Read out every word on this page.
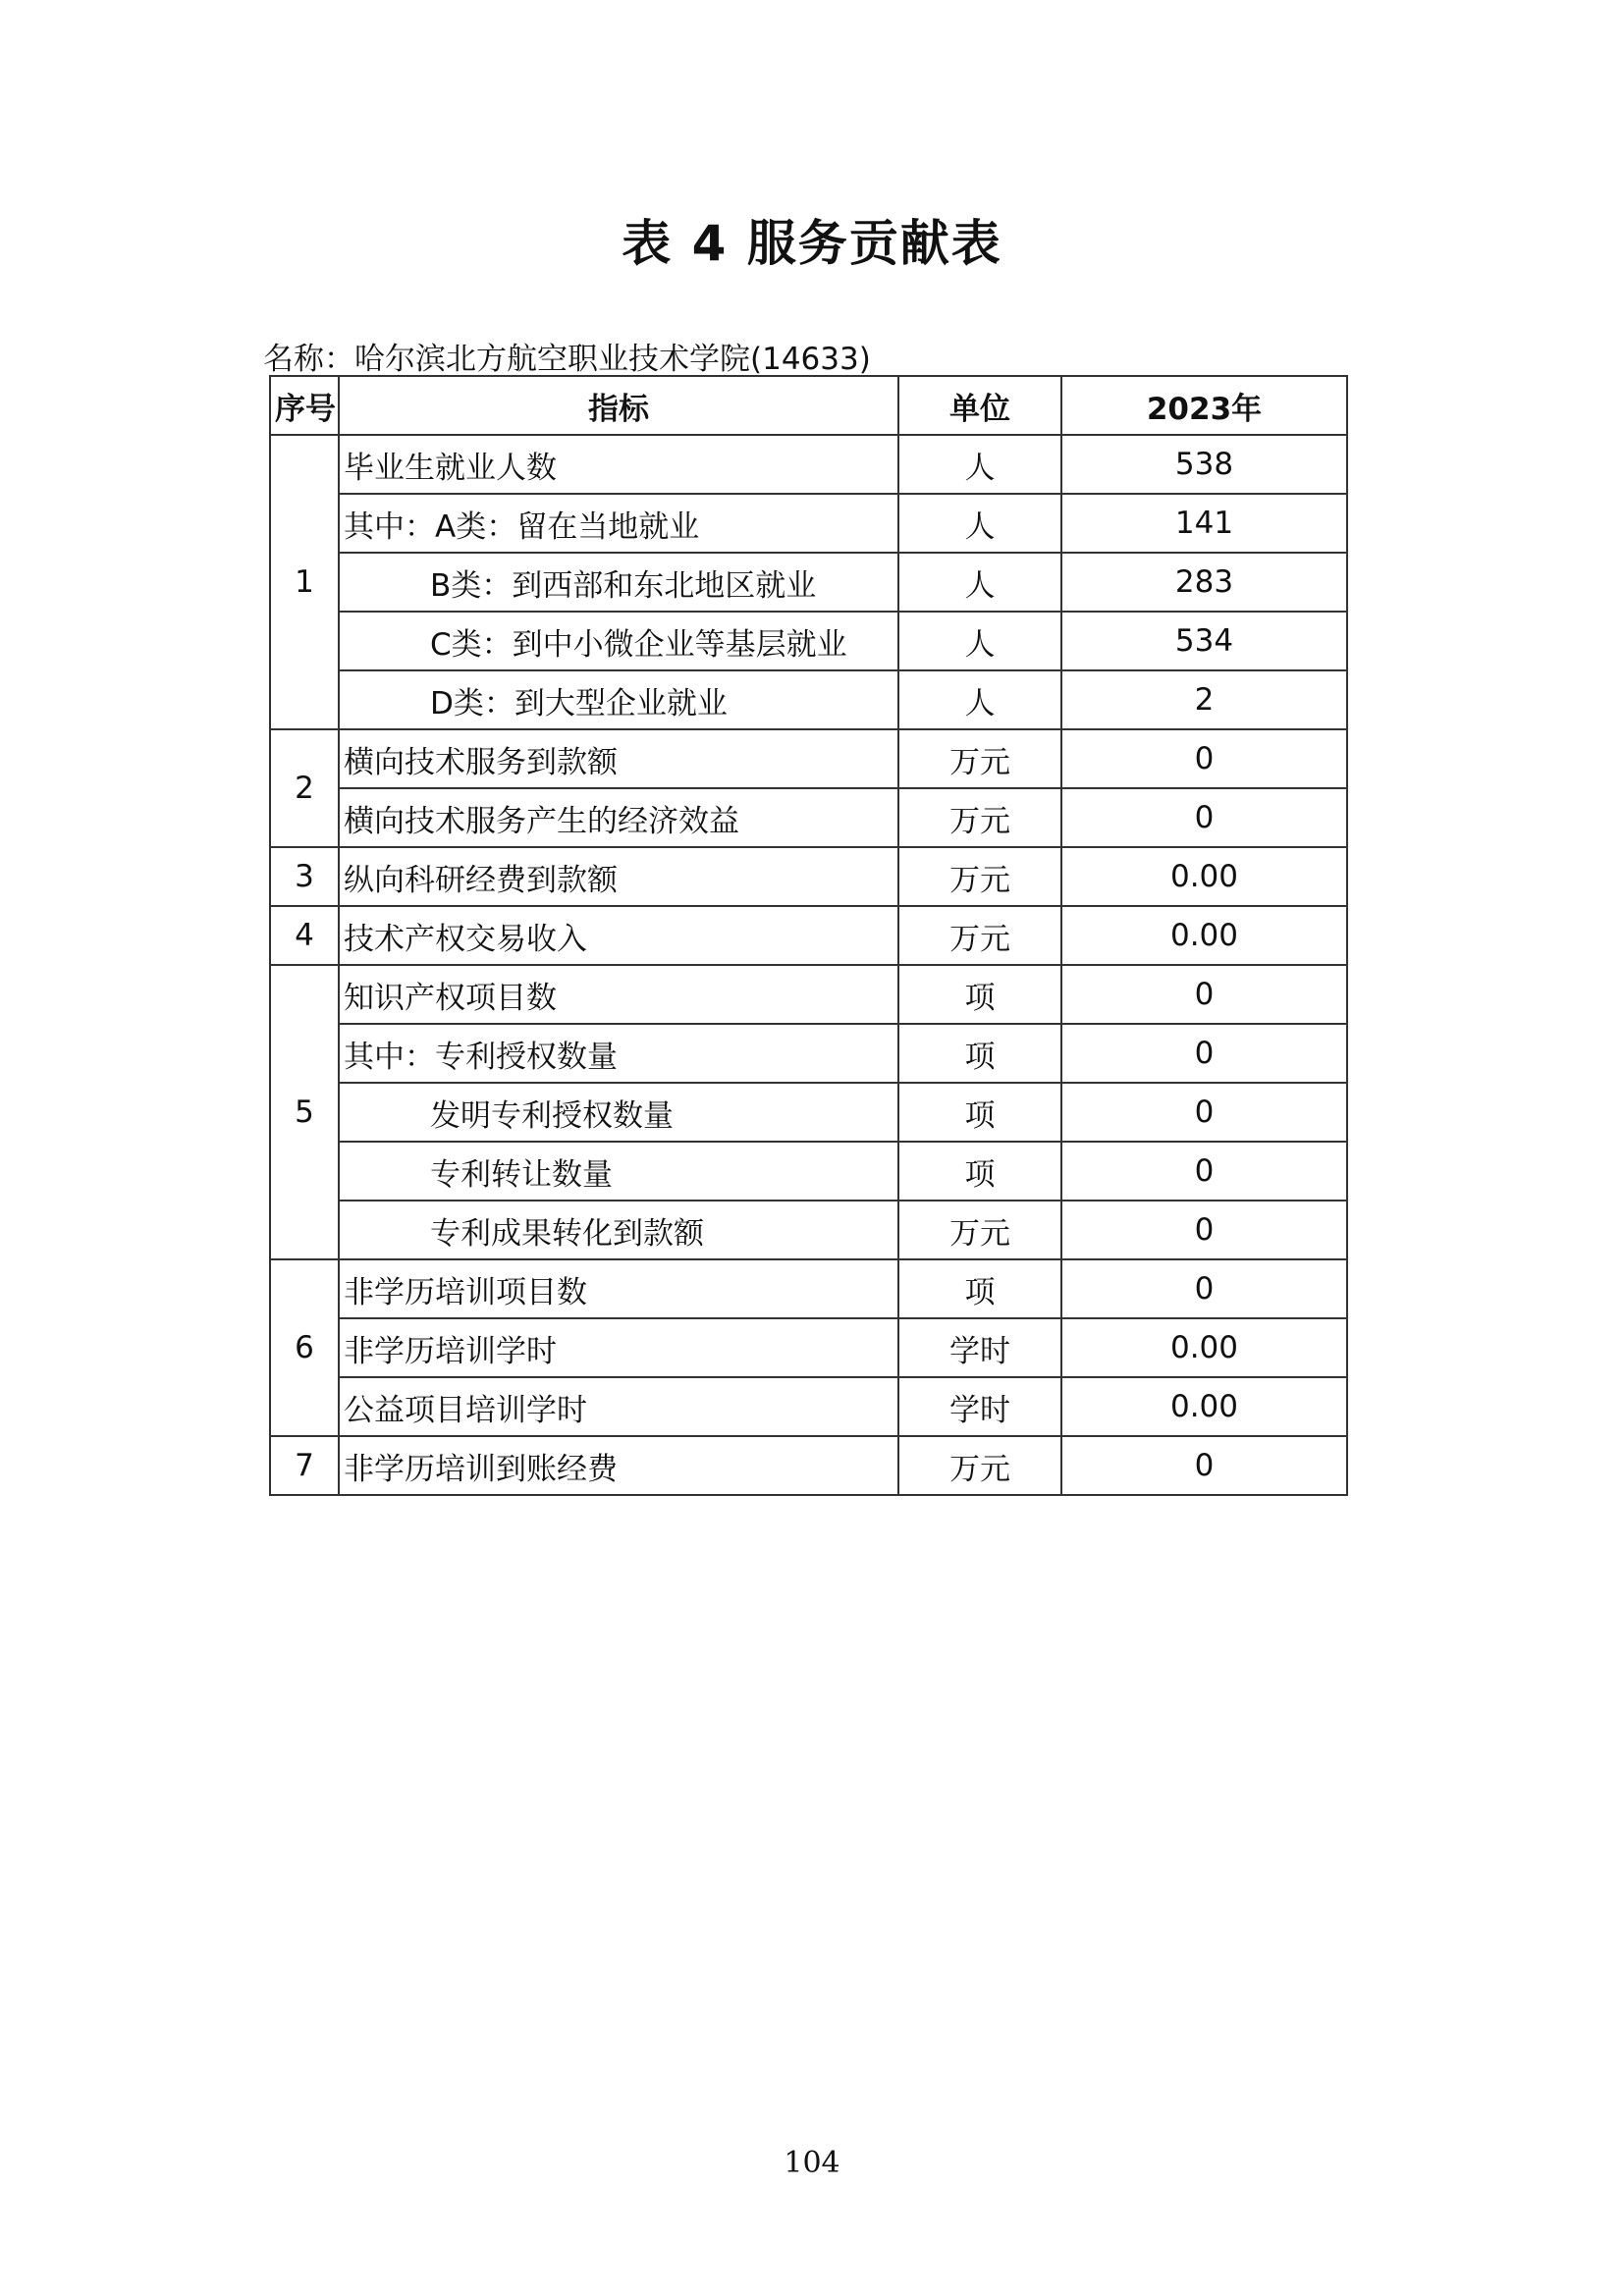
表 4 服务贡献表
名称：哈尔滨北方航空职业技术学院(14633)
序号	指标	单位	2023年
1	毕业生就业人数	人	538
	其中：A类：留在当地就业	人	141
	B类：到西部和东北地区就业	人	283
	C类：到中小微企业等基层就业	人	534
	D类：到大型企业就业	人	2
2	横向技术服务到款额	万元	0
	横向技术服务产生的经济效益	万元	0
3	纵向科研经费到款额	万元	0.00
4	技术产权交易收入	万元	0.00
5	知识产权项目数	项	0
	其中：专利授权数量	项	0
	发明专利授权数量	项	0
	专利转让数量	项	0
	专利成果转化到款额	万元	0
6	非学历培训项目数	项	0
	非学历培训学时	学时	0.00
	公益项目培训学时	学时	0.00
7	非学历培训到账经费	万元	0
104
